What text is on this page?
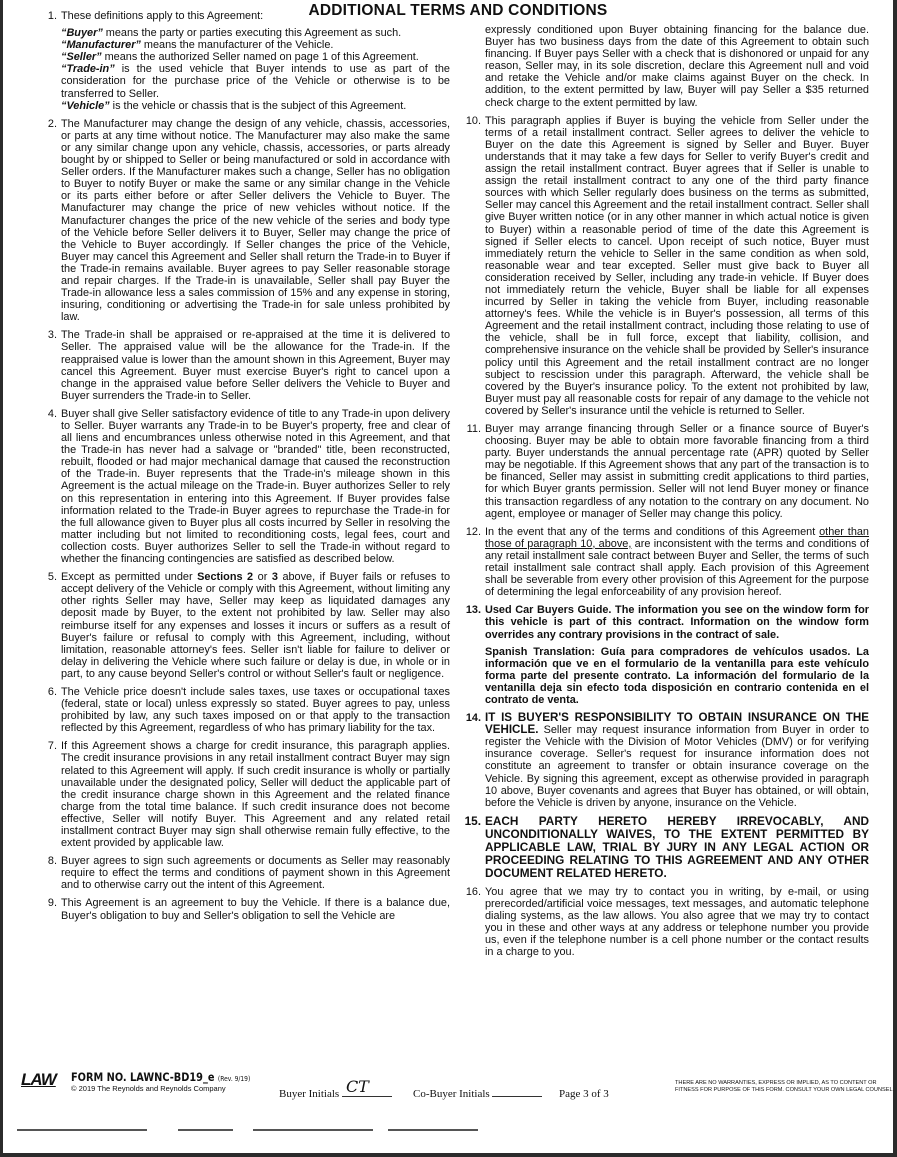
ADDITIONAL TERMS AND CONDITIONS
1. These definitions apply to this Agreement:

“Buyer” means the party or parties executing this Agreement as such.

“Manufacturer” means the manufacturer of the Vehicle.

“Seller” means the authorized Seller named on page 1 of this Agreement.

“Trade-in” is the used vehicle that Buyer intends to use as part of the consideration for the purchase price of the Vehicle or otherwise is to be transferred to Seller.

“Vehicle” is the vehicle or chassis that is the subject of this Agreement.

2. The Manufacturer may change the design of any vehicle, chassis, accessories, or parts at any time without notice. The Manufacturer may also make the same or any similar change upon any vehicle, chassis, accessories, or parts already bought by or shipped to Seller or being manufactured or sold in accordance with Seller orders. If the Manufacturer makes such a change, Seller has no obligation to Buyer to notify Buyer or make the same or any similar change in the Vehicle or its parts either before or after Seller delivers the Vehicle to Buyer. The Manufacturer may change the price of new vehicles without notice. If the Manufacturer changes the price of the new vehicle of the series and body type of the Vehicle before Seller delivers it to Buyer, Seller may change the price of the Vehicle to Buyer accordingly. If Seller changes the price of the Vehicle, Buyer may cancel this Agreement and Seller shall return the Trade-in to Buyer if the Trade-in remains available. Buyer agrees to pay Seller reasonable storage and repair charges. If the Trade-in is unavailable, Seller shall pay Buyer the Trade-in allowance less a sales commission of 15% and any expense in storing, insuring, conditioning or advertising the Trade-in for sale unless prohibited by law.
3. The Trade-in shall be appraised or re-appraised at the time it is delivered to Seller. The appraised value will be the allowance for the Trade-in. If the reappraised value is lower than the amount shown in this Agreement, Buyer may cancel this Agreement. Buyer must exercise Buyer's right to cancel upon a change in the appraised value before Seller delivers the Vehicle to Buyer and Buyer surrenders the Trade-in to Seller.
4. Buyer shall give Seller satisfactory evidence of title to any Trade-in upon delivery to Seller. Buyer warrants any Trade-in to be Buyer's property, free and clear of all liens and encumbrances unless otherwise noted in this Agreement, and that the Trade-in has never had a salvage or "branded" title, been reconstructed, rebuilt, flooded or had major mechanical damage that caused the reconstruction of the Trade-in. Buyer represents that the Trade-in's mileage shown in this Agreement is the actual mileage on the Trade-in. Buyer authorizes Seller to rely on this representation in entering into this Agreement. If Buyer provides false information related to the Trade-in Buyer agrees to repurchase the Trade-in for the full allowance given to Buyer plus all costs incurred by Seller in resolving the matter including but not limited to reconditioning costs, legal fees, court and collection costs. Buyer authorizes Seller to sell the Trade-in without regard to whether the financing contingencies are satisfied as described below.
5. Except as permitted under Sections 2 or 3 above, if Buyer fails or refuses to accept delivery of the Vehicle or comply with this Agreement, without limiting any other rights Seller may have, Seller may keep as liquidated damages any deposit made by Buyer, to the extent not prohibited by law. Seller may also reimburse itself for any expenses and losses it incurs or suffers as a result of Buyer's failure or refusal to comply with this Agreement, including, without limitation, reasonable attorney's fees. Seller isn't liable for failure to deliver or delay in delivering the Vehicle where such failure or delay is due, in whole or in part, to any cause beyond Seller's control or without Seller's fault or negligence.
6. The Vehicle price doesn't include sales taxes, use taxes or occupational taxes (federal, state or local) unless expressly so stated. Buyer agrees to pay, unless prohibited by law, any such taxes imposed on or that apply to the transaction reflected by this Agreement, regardless of who has primary liability for the tax.
7. If this Agreement shows a charge for credit insurance, this paragraph applies. The credit insurance provisions in any retail installment contract Buyer may sign related to this Agreement will apply. If such credit insurance is wholly or partially unavailable under the designated policy, Seller will deduct the applicable part of the credit insurance charge shown in this Agreement and the related finance charge from the total time balance. If such credit insurance does not become effective, Seller will notify Buyer. This Agreement and any related retail installment contract Buyer may sign shall otherwise remain fully effective, to the extent provided by applicable law.
8. Buyer agrees to sign such agreements or documents as Seller may reasonably require to effect the terms and conditions of payment shown in this Agreement and to otherwise carry out the intent of this Agreement.
9. This Agreement is an agreement to buy the Vehicle. If there is a balance due, Buyer's obligation to buy and Seller's obligation to sell the Vehicle are
expressly conditioned upon Buyer obtaining financing for the balance due. Buyer has two business days from the date of this Agreement to obtain such financing. If Buyer pays Seller with a check that is dishonored or unpaid for any reason, Seller may, in its sole discretion, declare this Agreement null and void and retake the Vehicle and/or make claims against Buyer on the check. In addition, to the extent permitted by law, Buyer will pay Seller a $35 returned check charge to the extent permitted by law.
10. This paragraph applies if Buyer is buying the vehicle from Seller under the terms of a retail installment contract. Seller agrees to deliver the vehicle to Buyer on the date this Agreement is signed by Seller and Buyer. Buyer understands that it may take a few days for Seller to verify Buyer's credit and assign the retail installment contract. Buyer agrees that if Seller is unable to assign the retail installment contract to any one of the third party finance sources with which Seller regularly does business on the terms as submitted, Seller may cancel this Agreement and the retail installment contract. Seller shall give Buyer written notice (or in any other manner in which actual notice is given to Buyer) within a reasonable period of time of the date this Agreement is signed if Seller elects to cancel. Upon receipt of such notice, Buyer must immediately return the vehicle to Seller in the same condition as when sold, reasonable wear and tear excepted. Seller must give back to Buyer all consideration received by Seller, including any trade-in vehicle. If Buyer does not immediately return the vehicle, Buyer shall be liable for all expenses incurred by Seller in taking the vehicle from Buyer, including reasonable attorney's fees. While the vehicle is in Buyer's possession, all terms of this Agreement and the retail installment contract, including those relating to use of the vehicle, shall be in full force, except that liability, collision, and comprehensive insurance on the vehicle shall be provided by Seller's insurance policy until this Agreement and the retail installment contract are no longer subject to rescission under this paragraph. Afterward, the vehicle shall be covered by the Buyer's insurance policy. To the extent not prohibited by law, Buyer must pay all reasonable costs for repair of any damage to the vehicle not covered by Seller's insurance until the vehicle is returned to Seller.
11. Buyer may arrange financing through Seller or a finance source of Buyer's choosing. Buyer may be able to obtain more favorable financing from a third party. Buyer understands the annual percentage rate (APR) quoted by Seller may be negotiable. If this Agreement shows that any part of the transaction is to be financed, Seller may assist in submitting credit applications to third parties, for which Buyer grants permission. Seller will not lend Buyer money or finance this transaction regardless of any notation to the contrary on any document. No agent, employee or manager of Seller may change this policy.
12. In the event that any of the terms and conditions of this Agreement other than those of paragraph 10, above, are inconsistent with the terms and conditions of any retail installment sale contract between Buyer and Seller, the terms of such retail installment sale contract shall apply. Each provision of this Agreement shall be severable from every other provision of this Agreement for the purpose of determining the legal enforceability of any provision hereof.
13. Used Car Buyers Guide. The information you see on the window form for this vehicle is part of this contract. Information on the window form overrides any contrary provisions in the contract of sale.

Spanish Translation: Guía para compradores de vehículos usados. La información que ve en el formulario de la ventanilla para este vehículo forma parte del presente contrato. La información del formulario de la ventanilla deja sin efecto toda disposición en contrario contenida en el contrato de venta.

14. IT IS BUYER'S RESPONSIBILITY TO OBTAIN INSURANCE ON THE VEHICLE. Seller may request insurance information from Buyer in order to register the Vehicle with the Division of Motor Vehicles (DMV) or for verifying insurance coverage. Seller's request for insurance information does not constitute an agreement to transfer or obtain insurance coverage on the Vehicle. By signing this agreement, except as otherwise provided in paragraph 10 above, Buyer covenants and agrees that Buyer has obtained, or will obtain, before the Vehicle is driven by anyone, insurance on the Vehicle.
15. EACH PARTY HERETO HEREBY IRREVOCABLY, AND UNCONDITIONALLY WAIVES, TO THE EXTENT PERMITTED BY APPLICABLE LAW, TRIAL BY JURY IN ANY LEGAL ACTION OR PROCEEDING RELATING TO THIS AGREEMENT AND ANY OTHER DOCUMENT RELATED HERETO.
16. You agree that we may try to contact you in writing, by e-mail, or using prerecorded/artificial voice messages, text messages, and automatic telephone dialing systems, as the law allows. You also agree that we may try to contact you in these and other ways at any address or telephone number you provide us, even if the telephone number is a cell phone number or the contact results in a charge to you.
LAW FORM NO. LAWNC-BD19_e (Rev. 9/19)
© 2019 The Reynolds and Reynolds Company	Buyer Initials CT	Co-Buyer Initials	Page 3 of 3
THERE ARE NO WARRANTIES, EXPRESS OR IMPLIED, AS TO CONTENT OR FITNESS FOR PURPOSE OF THIS FORM. CONSULT YOUR OWN LEGAL COUNSEL.
